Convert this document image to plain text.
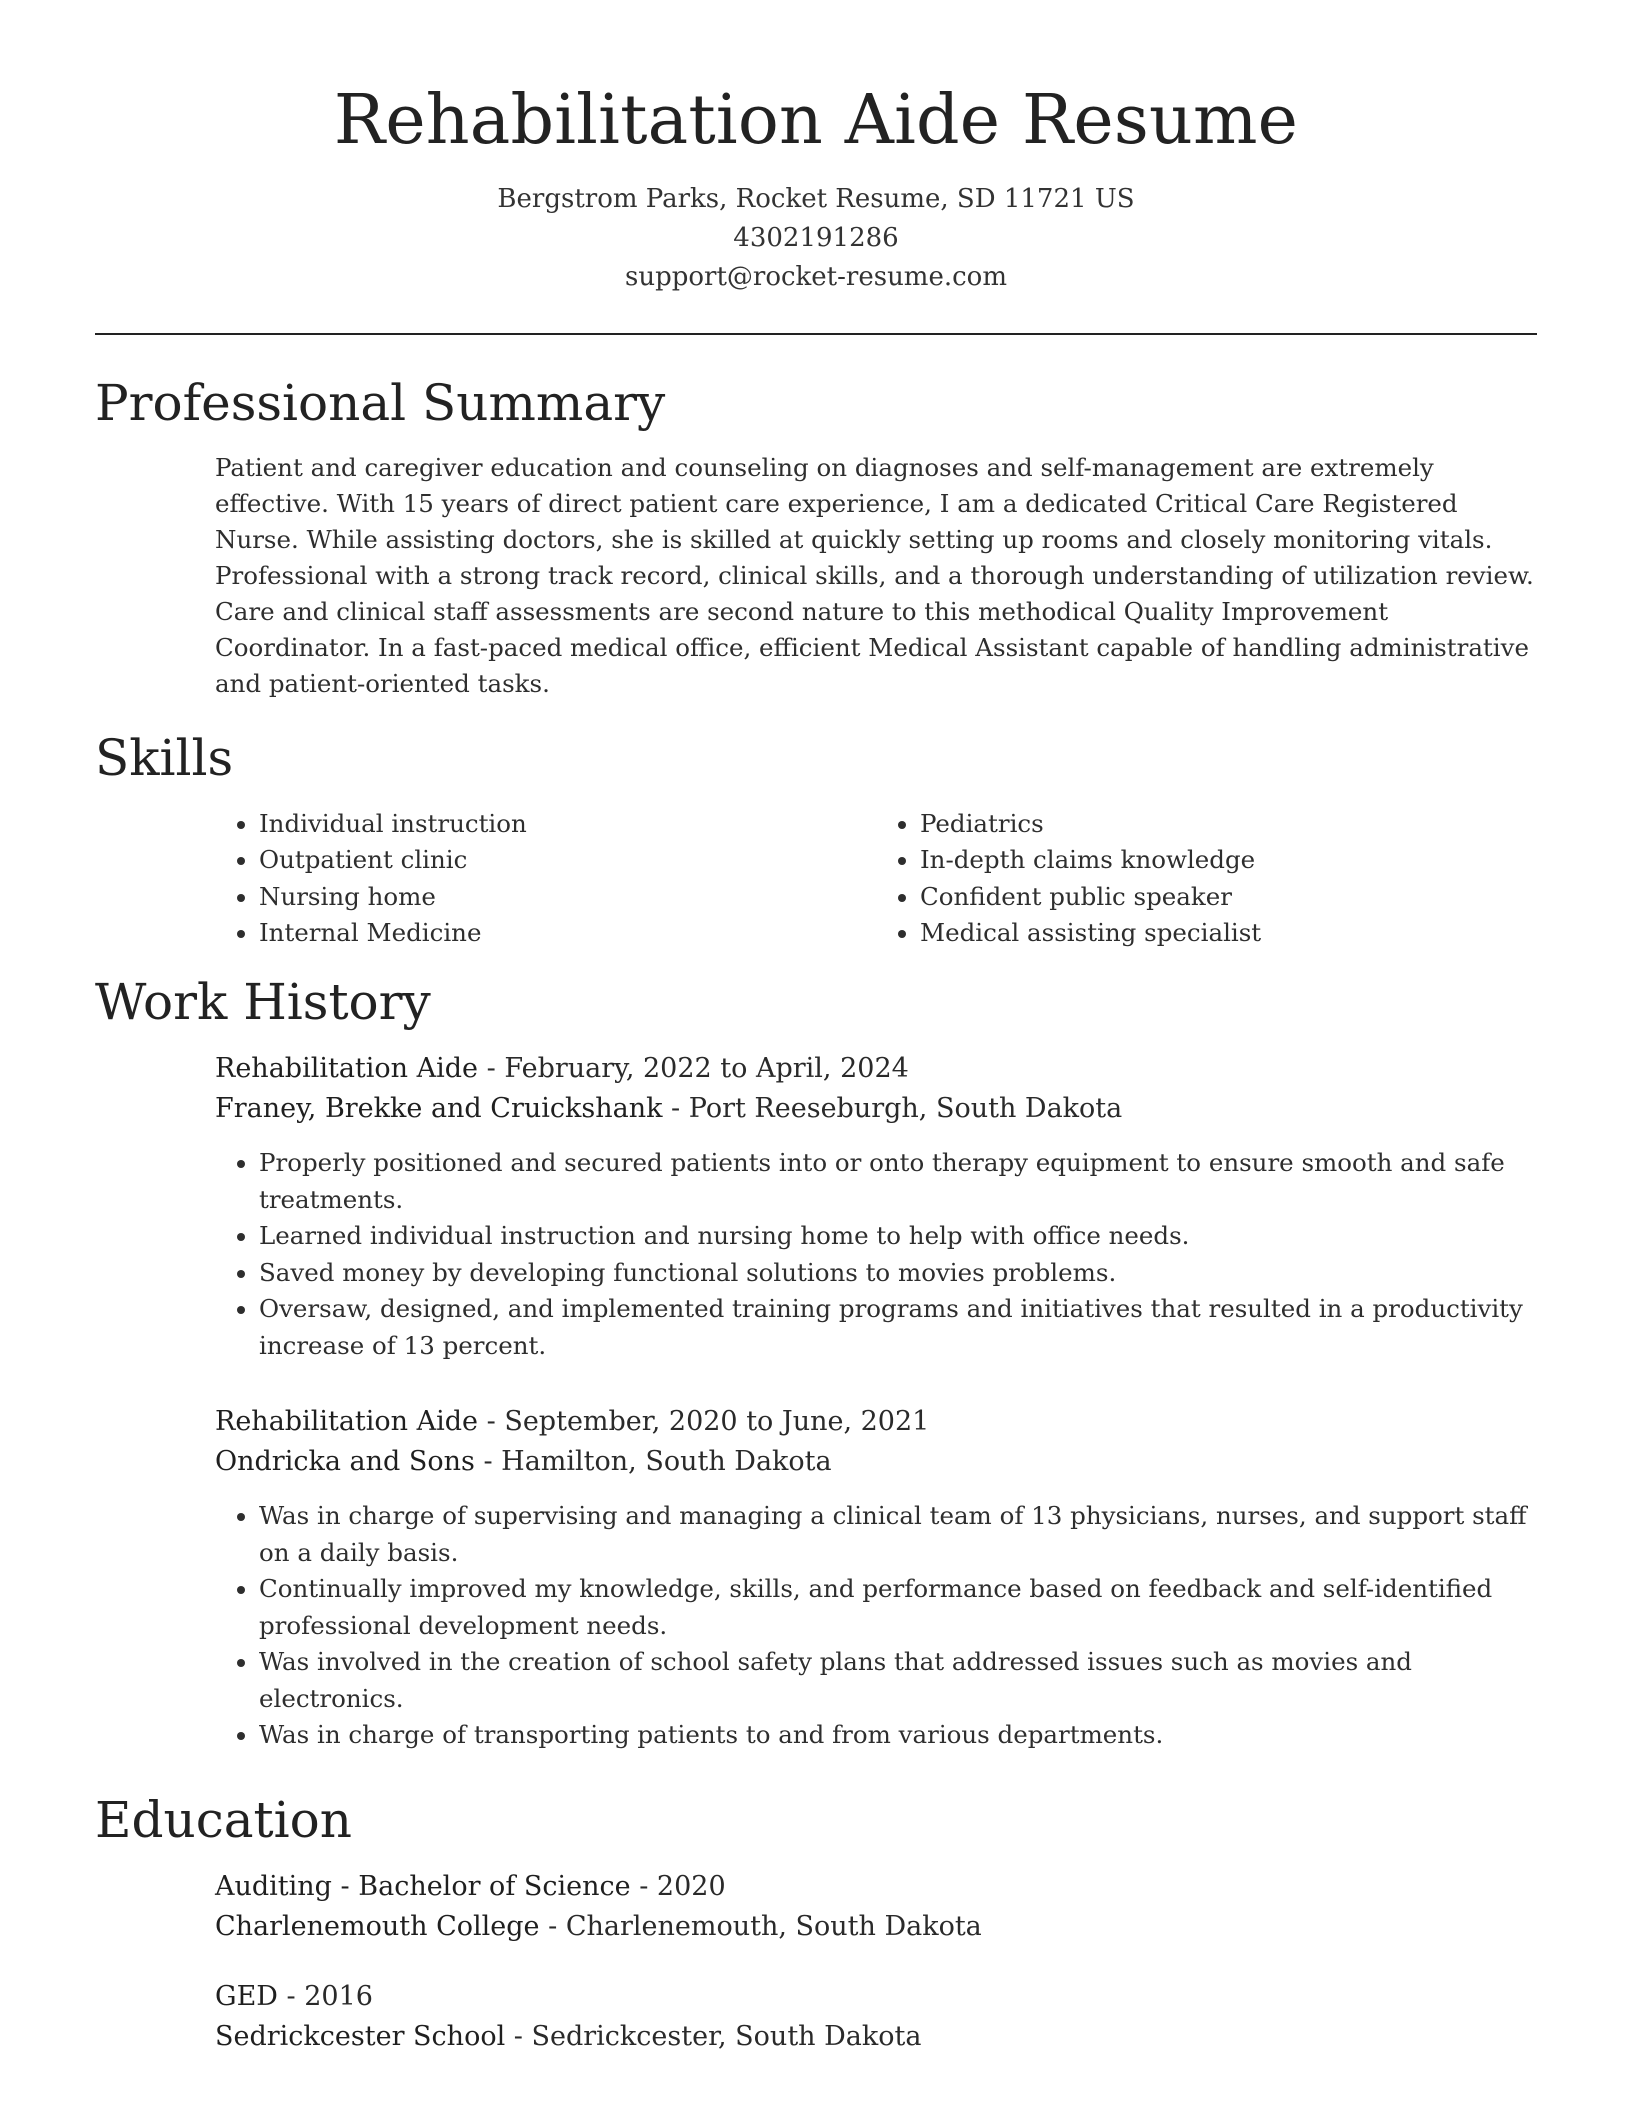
Rehabilitation Aide Resume
Bergstrom Parks, Rocket Resume, SD 11721 US
4302191286
support@rocket-resume.com
Professional Summary

Patient and caregiver education and counseling on diagnoses and self-management are extremely effective. With 15 years of direct patient care experience, I am a dedicated Critical Care Registered Nurse. While assisting doctors, she is skilled at quickly setting up rooms and closely monitoring vitals. Professional with a strong track record, clinical skills, and a thorough understanding of utilization review. Care and clinical staff assessments are second nature to this methodical Quality Improvement Coordinator. In a fast-paced medical office, efficient Medical Assistant capable of handling administrative and patient-oriented tasks.

Skills
• Individual instruction
• Outpatient clinic
• Nursing home
• Internal Medicine
• Pediatrics
• In-depth claims knowledge
• Confident public speaker
• Medical assisting specialist
Work History
Rehabilitation Aide - February, 2022 to April, 2024
Franey, Brekke and Cruickshank - Port Reeseburgh, South Dakota
• Properly positioned and secured patients into or onto therapy equipment to ensure smooth and safe treatments.
• Learned individual instruction and nursing home to help with office needs.
• Saved money by developing functional solutions to movies problems.
• Oversaw, designed, and implemented training programs and initiatives that resulted in a productivity increase of 13 percent.
Rehabilitation Aide - September, 2020 to June, 2021
Ondricka and Sons - Hamilton, South Dakota
• Was in charge of supervising and managing a clinical team of 13 physicians, nurses, and support staff on a daily basis.
• Continually improved my knowledge, skills, and performance based on feedback and self-identified professional development needs.
• Was involved in the creation of school safety plans that addressed issues such as movies and electronics.
• Was in charge of transporting patients to and from various departments.
Education
Auditing - Bachelor of Science - 2020
Charlenemouth College - Charlenemouth, South Dakota
GED - 2016
Sedrickcester School - Sedrickcester, South Dakota
